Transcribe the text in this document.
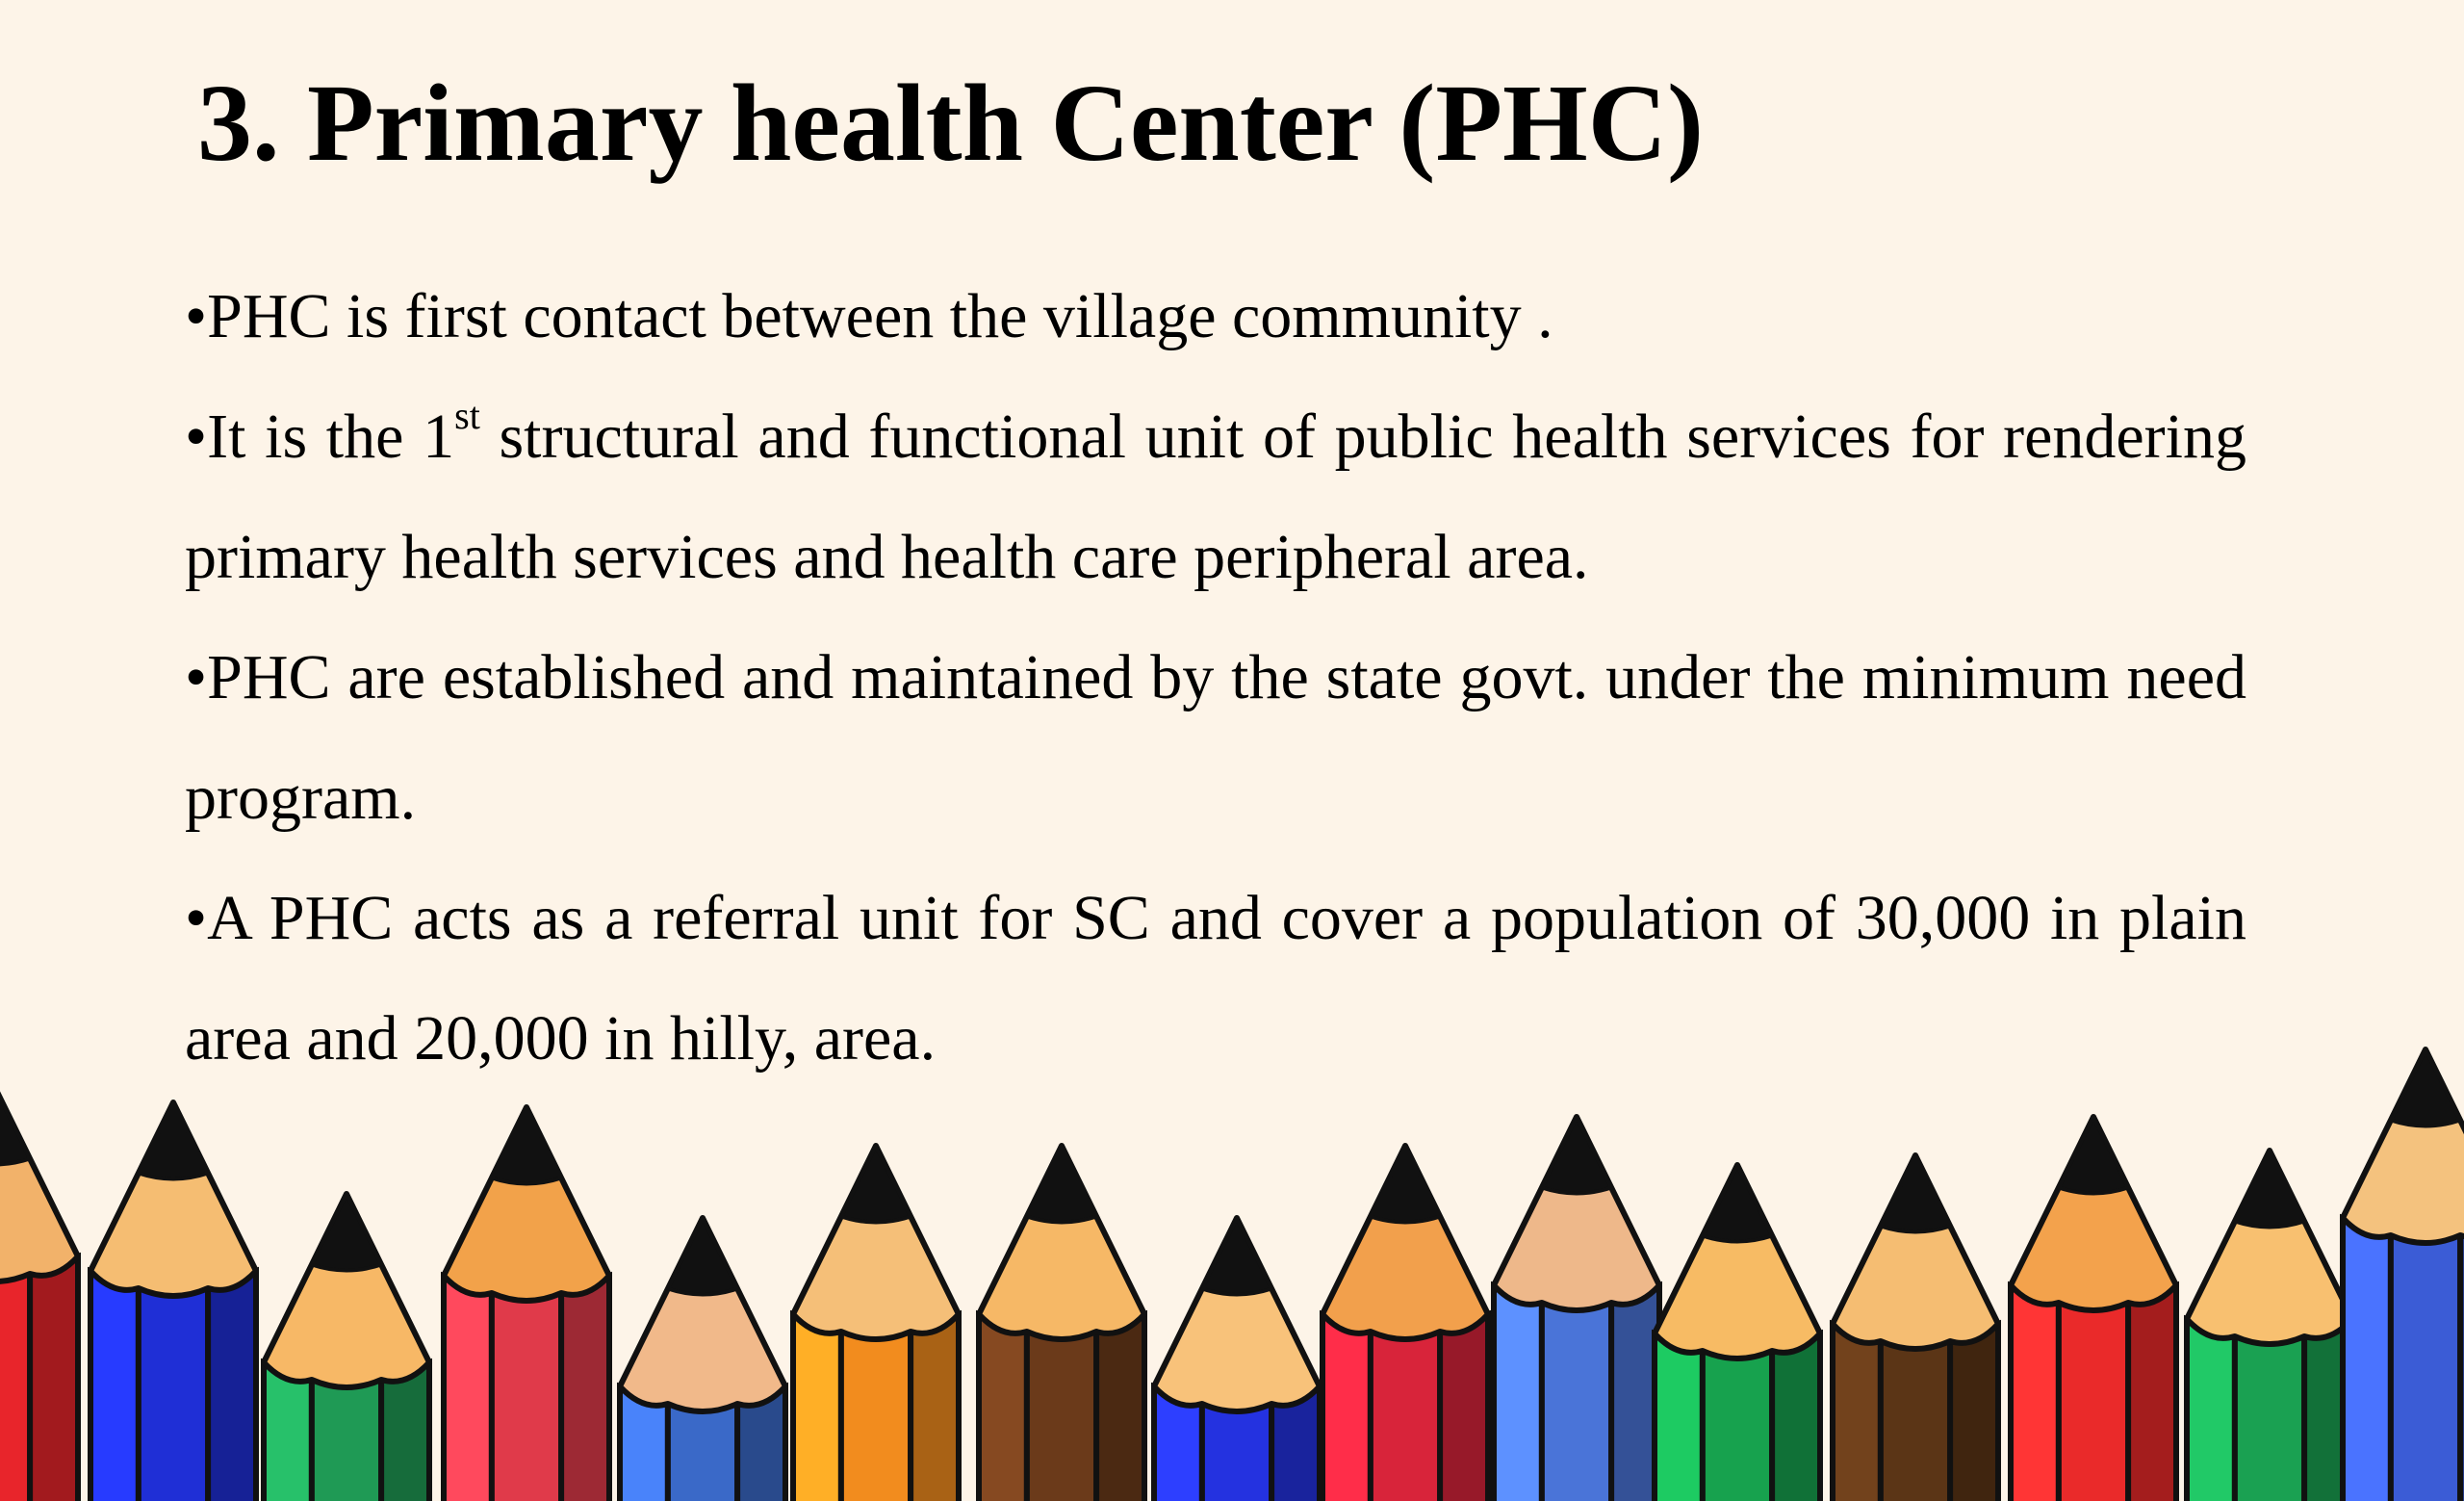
3. Primary health Center (PHC)

•PHC is first contact between the village community .

•It is the 1st structural and functional unit of public health services for rendering primary health services and health care peripheral area.

•PHC are established and maintained by the state govt. under the minimum need program.

•A PHC acts as a referral unit for SC and cover a population of 30,000 in plain area and 20,000 in hilly, area.
